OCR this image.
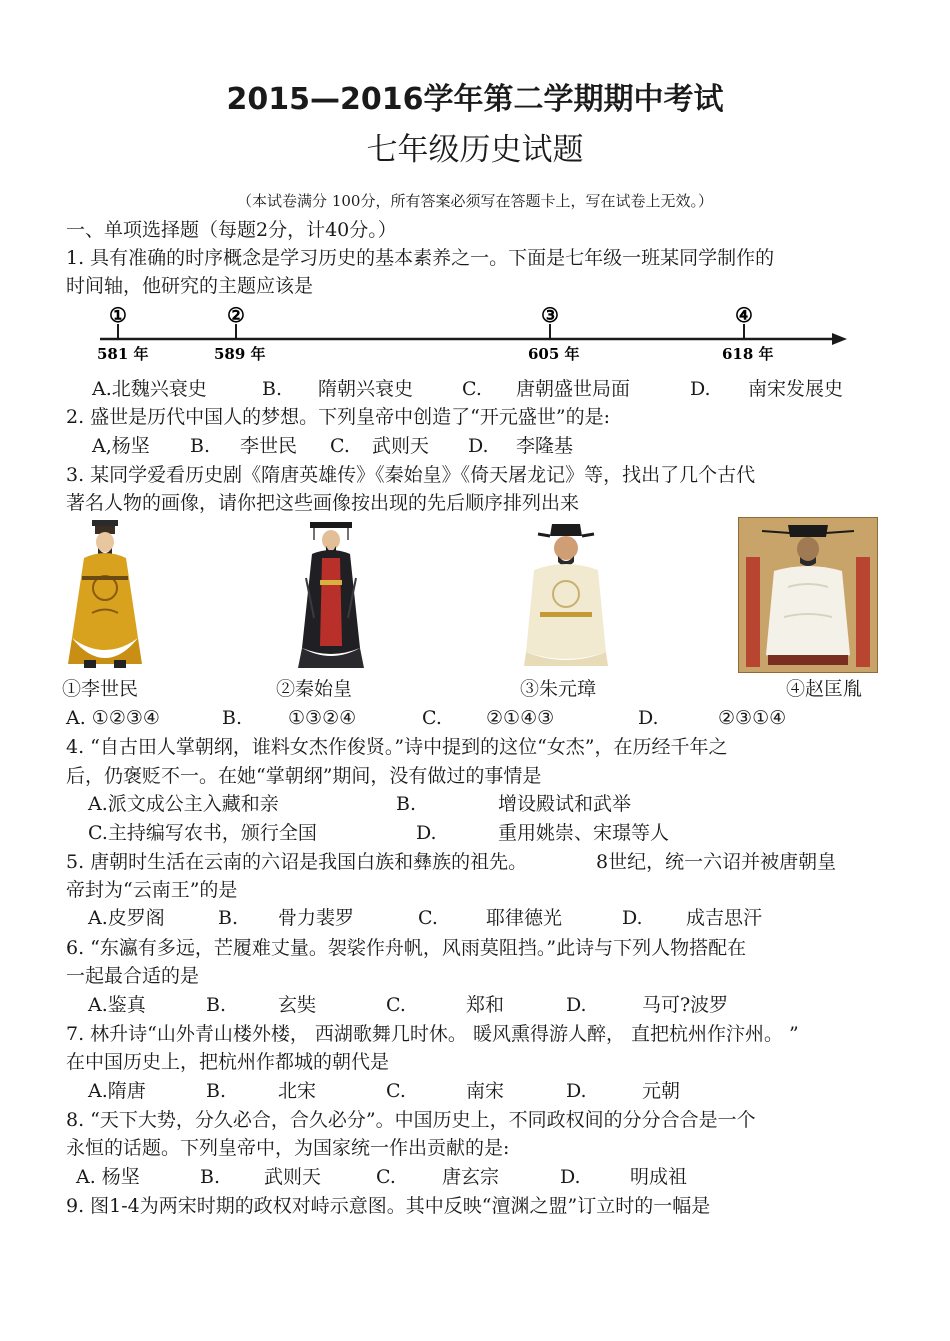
2015—2016学年第二学期期中考试
七年级历史试题
（本试卷满分 100分，所有答案必须写在答题卡上，写在试卷上无效。）
一、单项选择题（每题2分，计40分。）
1. 具有准确的时序概念是学习历史的基本素养之一。下面是七年级一班某同学制作的
时间轴，他研究的主题应该是
①
581 年
②
589 年
③
605 年
④
618 年
A.北魏兴衰史	B. 隋朝兴衰史	C. 唐朝盛世局面	D. 南宋发展史
2. 盛世是历代中国人的梦想。下列皇帝中创造了“开元盛世”的是:
A,杨坚 B. 李世民 C. 武则天 D. 李隆基
3. 某同学爱看历史剧《隋唐英雄传》《秦始皇》《倚天屠龙记》等，找出了几个古代
著名人物的画像，请你把这些画像按出现的先后顺序排列出来
①李世民	②秦始皇	③朱元璋	④赵匡胤
A. ①②③④	B. ①③②④	C. ②①④③	D.	②③①④
4. “自古田人掌朝纲，谁料女杰作俊贤。”诗中提到的这位“女杰”，在历经千年之
后，仍褒贬不一。在她“掌朝纲”期间，没有做过的事情是
A.派文成公主入藏和亲	B.	增设殿试和武举
C.主持编写农书，颁行全国	D.	重用姚崇、宋璟等人
5. 唐朝时生活在云南的六诏是我国白族和彝族的祖先。	8世纪，统一六诏并被唐朝皇
帝封为“云南王”的是
A.皮罗阁	B. 骨力裴罗	C.	耶律德光	D. 成吉思汗
6. “东瀛有多远，芒履难丈量。袈裟作舟帆，风雨莫阻挡。”此诗与下列人物搭配在
一起最合适的是
A.鉴真	B.	玄奘	C.	郑和	D.	马可?波罗
7. 林升诗“山外青山楼外楼， 西湖歌舞几时休。 暖风熏得游人醉， 直把杭州作汴州。 ”
在中国历史上，把杭州作都城的朝代是
A.隋唐	B.	北宋	C.	南宋	D.	元朝
8. “天下大势，分久必合，合久必分”。中国历史上，不同政权间的分分合合是一个
永恒的话题。下列皇帝中，为国家统一作出贡献的是:
A. 杨坚	B. 武则天	C. 唐玄宗	D.	明成祖
9. 图1-4为两宋时期的政权对峙示意图。其中反映“澶渊之盟”订立时的一幅是
